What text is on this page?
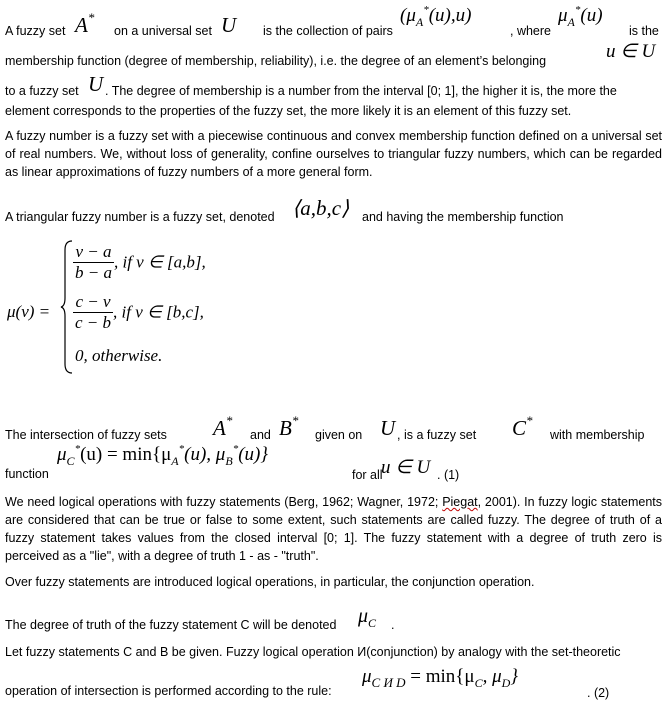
A fuzzy set A*
on a universal set U is the collection of pairs
$(\mu_A^*(u),u)$
, where
$\mu_A^*(u)$
is the
membership function (degree of membership, reliability), i.e. the degree of an element’s belonging	u ∈ U
to a fuzzy set U . The degree of membership is a number from the interval [0; 1], the higher it is, the more the
element corresponds to the properties of the fuzzy set, the more likely it is an element of this fuzzy set.

A fuzzy number is a fuzzy set with a piecewise continuous and convex membership function defined on a universal set of real numbers. We, without loss of generality, confine ourselves to triangular fuzzy numbers, which can be regarded as linear approximations of fuzzy numbers of a more general form.

A triangular fuzzy number is a fuzzy set, denoted ⟨a,b,c⟩ and having the membership function
μ(v) =
$\frac{v - a}{b - a}$ , if v ∈ [a,b],
$\frac{c - v}{c - b}$ , if v ∈ [b,c],
0, otherwise.
The intersection of fuzzy sets A*
and B*
given on U , is a fuzzy set C*
with membership
function
$\mu_C^*(u) = \min\{\mu_A^*(u)$, $\mu_B^*(u)$}
for all
u ∈ U . (1)

We need logical operations with fuzzy statements (Berg, 1962; Wagner, 1972; Piegat, 2001). In fuzzy logic statements are considered that can be true or false to some extent, such statements are called fuzzy. The degree of truth of a fuzzy statement takes values from the closed interval [0; 1]. The fuzzy statement with a degree of truth zero is perceived as a "lie", with a degree of truth 1 - as - "truth".

Over fuzzy statements are introduced logical operations, in particular, the conjunction operation.
The degree of truth of the fuzzy statement C will be denoted $\mu_C$ .
Let fuzzy statements C and B be given. Fuzzy logical operation И(conjunction) by analogy with the set-theoretic
operation of intersection is performed according to the rule:
$\mu_{C И D} = \min\{\mu_C$, $\mu_D$}
. (2)
